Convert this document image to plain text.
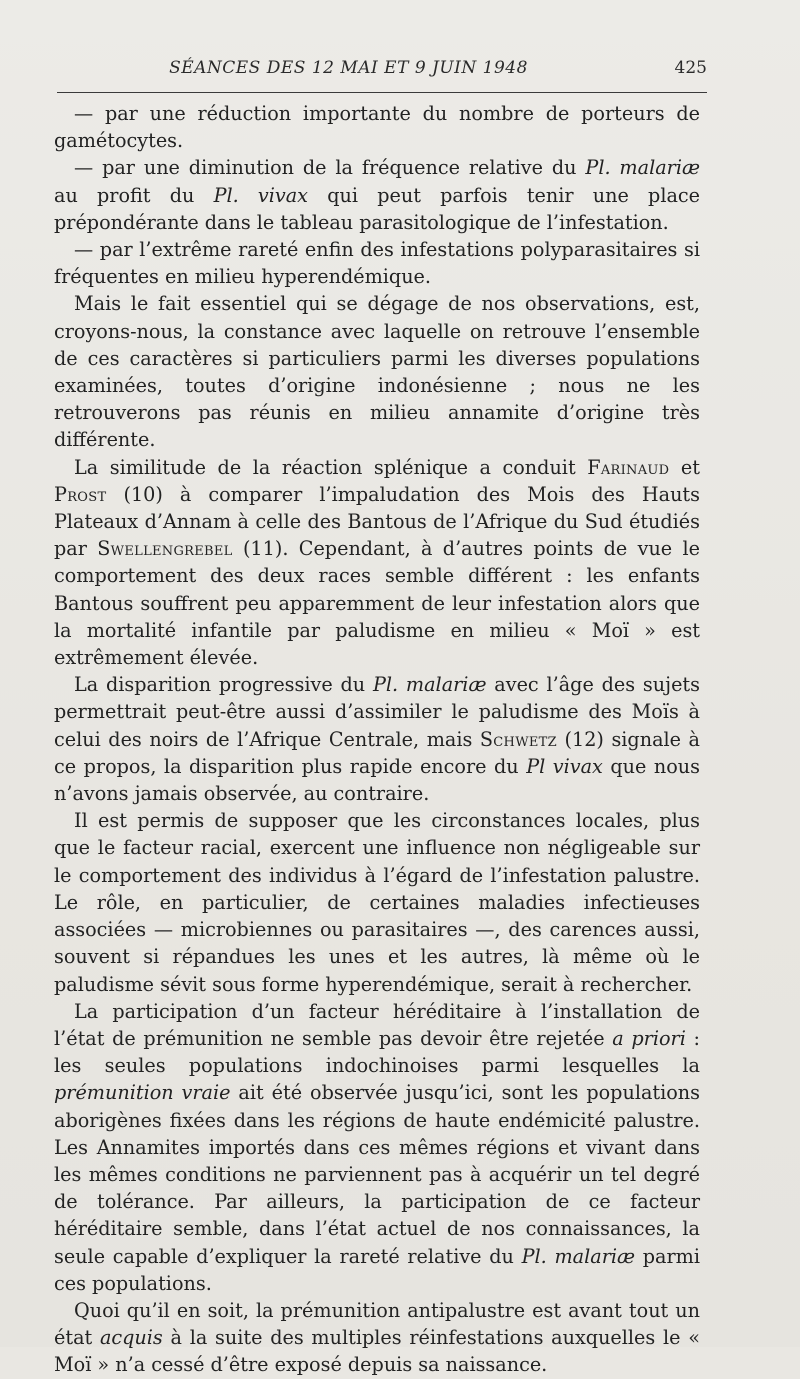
SÉANCES DES 12 MAI ET 9 JUIN 1948	425

— par une réduction importante du nombre de porteurs de gamétocytes.

— par une diminution de la fréquence relative du Pl. malariæ au profit du Pl. vivax qui peut parfois tenir une place prépondérante dans le tableau parasitologique de l’infestation.

— par l’extrême rareté enfin des infestations polyparasitaires si fréquentes en milieu hyperendémique.

Mais le fait essentiel qui se dégage de nos observations, est, croyons-nous, la constance avec laquelle on retrouve l’ensemble de ces caractères si particuliers parmi les diverses populations examinées, toutes d’origine indonésienne ; nous ne les retrouverons pas réunis en milieu annamite d’origine très différente.

La similitude de la réaction splénique a conduit Farinaud et Prost (10) à comparer l’impaludation des Mois des Hauts Plateaux d’Annam à celle des Bantous de l’Afrique du Sud étudiés par Swellengrebel (11). Cependant, à d’autres points de vue le comportement des deux races semble différent : les enfants Bantous souffrent peu apparemment de leur infestation alors que la mortalité infantile par paludisme en milieu « Moï » est extrêmement élevée.

La disparition progressive du Pl. malariæ avec l’âge des sujets permettrait peut-être aussi d’assimiler le paludisme des Moïs à celui des noirs de l’Afrique Centrale, mais Schwetz (12) signale à ce propos, la disparition plus rapide encore du Pl vivax que nous n’avons jamais observée, au contraire.

Il est permis de supposer que les circonstances locales, plus que le facteur racial, exercent une influence non négligeable sur le comportement des individus à l’égard de l’infestation palustre. Le rôle, en particulier, de certaines maladies infectieuses associées — microbiennes ou parasitaires —, des carences aussi, souvent si répandues les unes et les autres, là même où le paludisme sévit sous forme hyperendémique, serait à rechercher.

La participation d’un facteur héréditaire à l’installation de l’état de prémunition ne semble pas devoir être rejetée a priori : les seules populations indochinoises parmi lesquelles la prémunition vraie ait été observée jusqu’ici, sont les populations aborigènes fixées dans les régions de haute endémicité palustre. Les Annamites importés dans ces mêmes régions et vivant dans les mêmes conditions ne parviennent pas à acquérir un tel degré de tolérance. Par ailleurs, la participation de ce facteur héréditaire semble, dans l’état actuel de nos connaissances, la seule capable d’expliquer la rareté relative du Pl. malariæ parmi ces populations.

Quoi qu’il en soit, la prémunition antipalustre est avant tout un état acquis à la suite des multiples réinfestations auxquelles le « Moï » n’a cessé d’être exposé depuis sa naissance.
